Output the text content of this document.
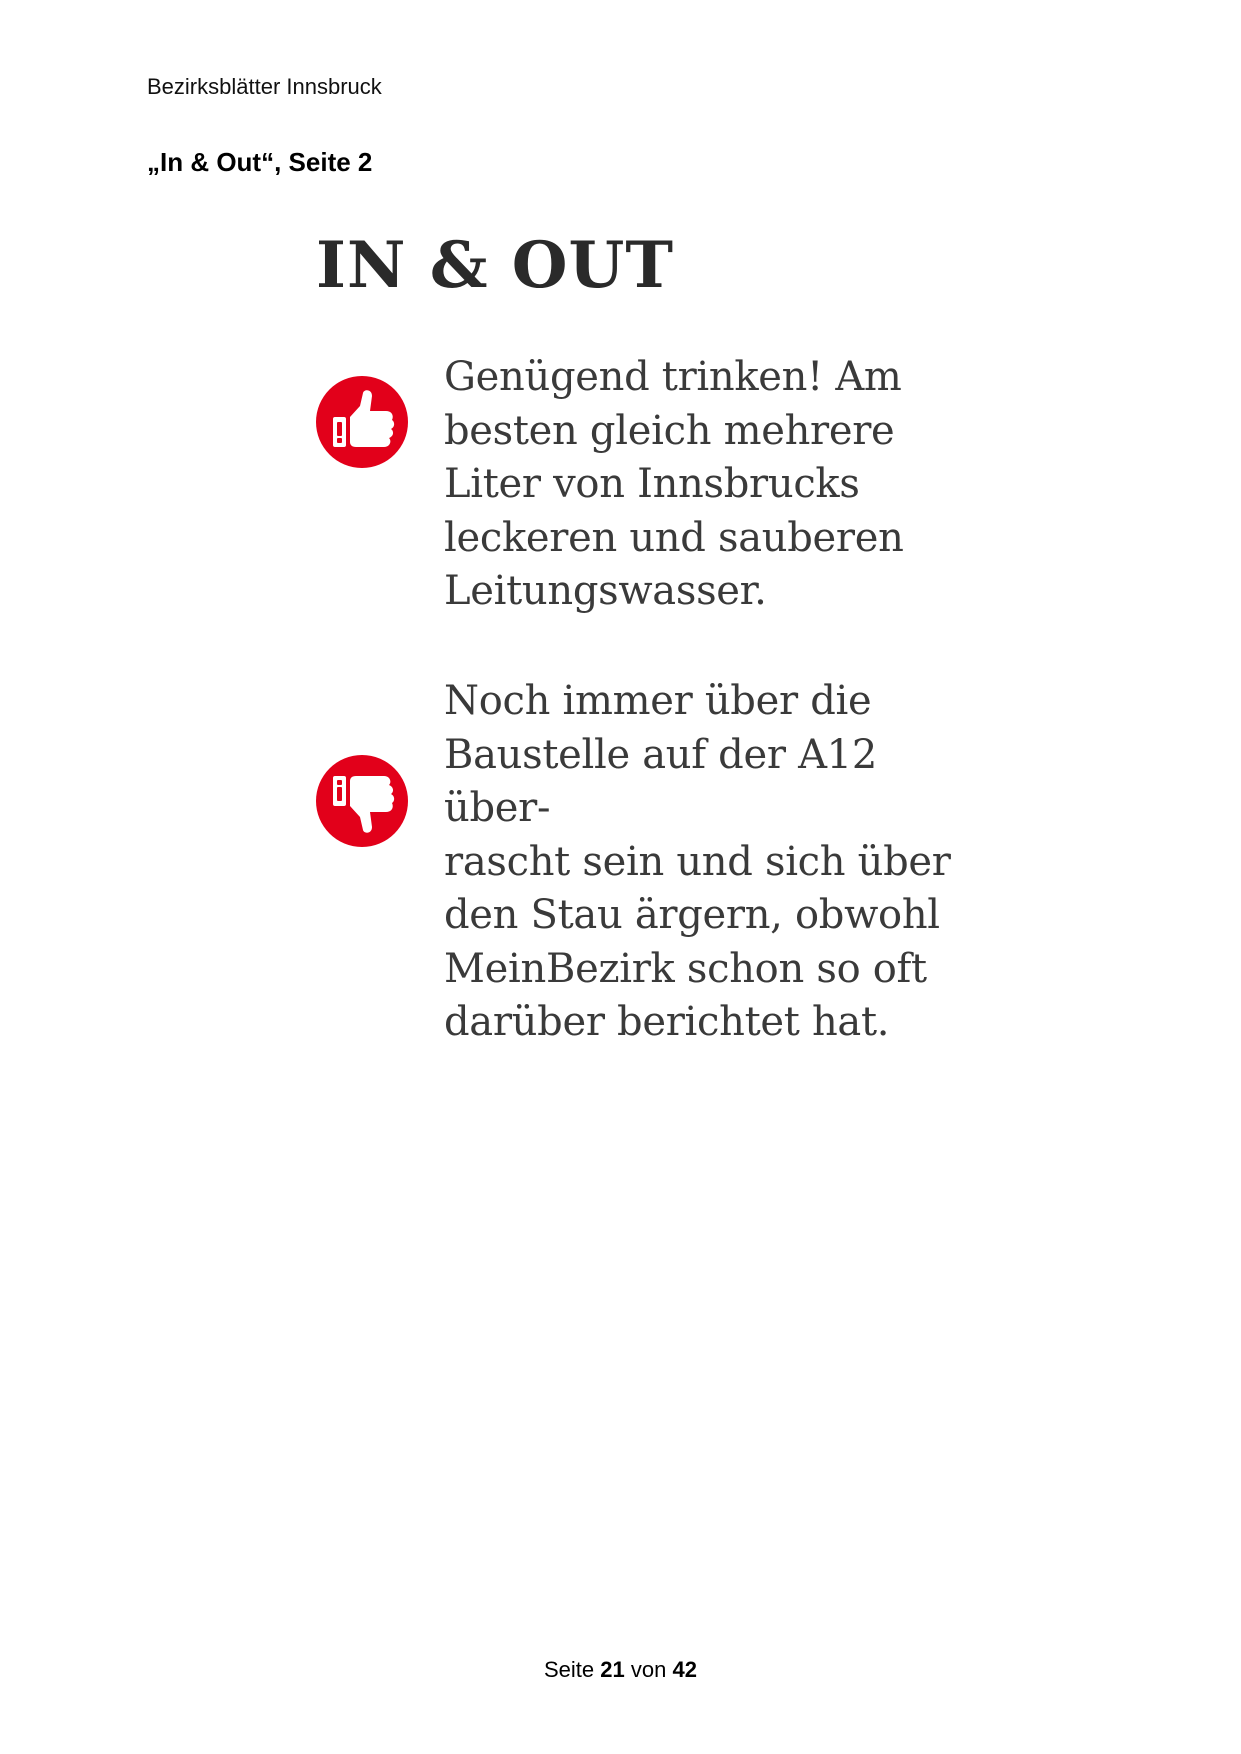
Bezirksblätter Innsbruck
„In & Out“, Seite 2
IN & OUT

Genügend trinken! Am
besten gleich mehrere
Liter von Innsbrucks
leckeren und sauberen
Leitungswasser.

Noch immer über die
Baustelle auf der A12 über-
rascht sein und sich über
den Stau ärgern, obwohl
MeinBezirk schon so oft
darüber berichtet hat.

Seite 21 von 42
